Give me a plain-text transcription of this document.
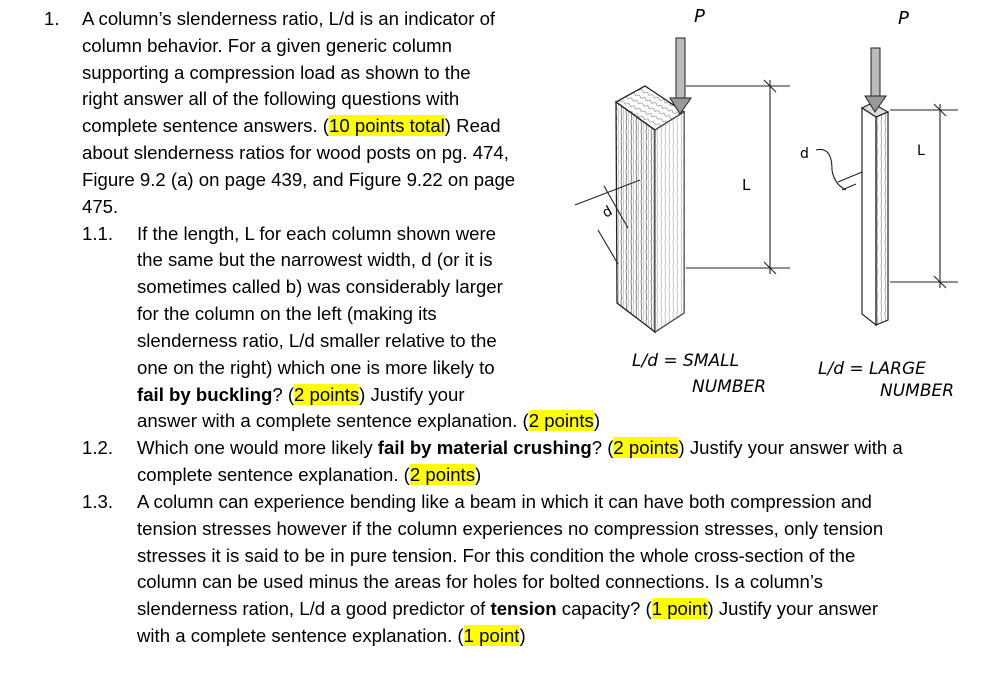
1. A column’s slenderness ratio, L/d is an indicator of
column behavior. For a given generic column
supporting a compression load as shown to the
right answer all of the following questions with
complete sentence answers. (10 points total) Read
about slenderness ratios for wood posts on pg. 474,
Figure 9.2 (a) on page 439, and Figure 9.22 on page
475.
1.1. If the length, L for each column shown were
the same but the narrowest width, d (or it is
sometimes called b) was considerably larger
for the column on the left (making its
slenderness ratio, L/d smaller relative to the
one on the right) which one is more likely to
fail by buckling? (2 points) Justify your
answer with a complete sentence explanation. (2 points)
1.2. Which one would more likely fail by material crushing? (2 points) Justify your answer with a
complete sentence explanation. (2 points)
1.3. A column can experience bending like a beam in which it can have both compression and
tension stresses however if the column experiences no compression stresses, only tension
stresses it is said to be in pure tension. For this condition the whole cross-section of the
column can be used minus the areas for holes for bolted connections. Is a column’s
slenderness ration, L/d a good predictor of tension capacity? (1 point) Justify your answer
with a complete sentence explanation. (1 point)
P
L
d
P
L
d
L/d = SMALL
NUMBER
L/d = LARGE
NUMBER
